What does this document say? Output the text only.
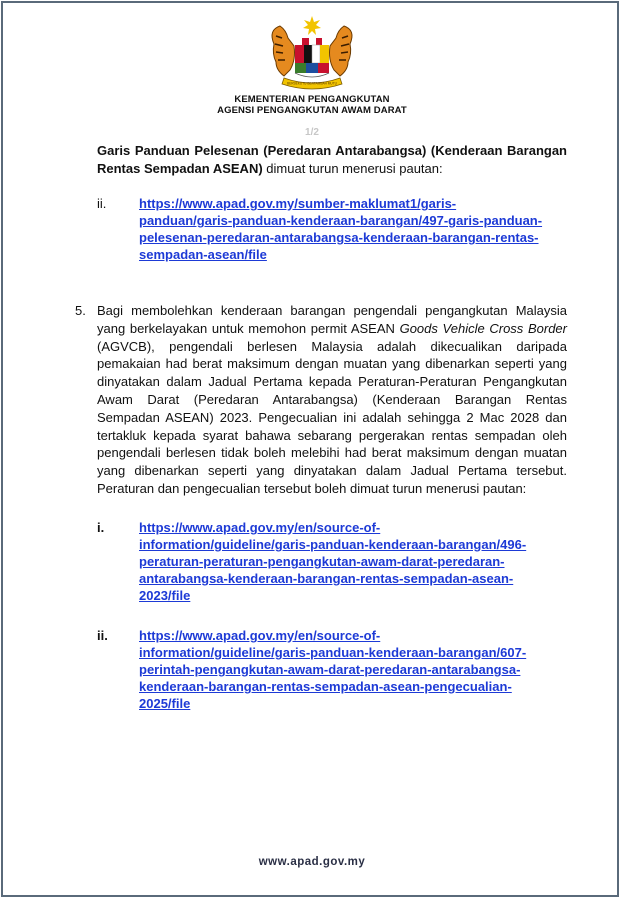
BERSEKUTU BERTAMBAH MUTU
KEMENTERIAN PENGANGKUTAN
AGENSI PENGANGKUTAN AWAM DARAT
1/2
Garis Panduan Pelesenan (Peredaran Antarabangsa) (Kenderaan Barangan Rentas Sempadan ASEAN) dimuat turun menerusi pautan:
ii.	https://www.apad.gov.my/sumber-maklumat1/garis-
panduan/garis-panduan-kenderaan-barangan/497-garis-panduan-
pelesenan-peredaran-antarabangsa-kenderaan-barangan-rentas-
sempadan-asean/file
5. Bagi membolehkan kenderaan barangan pengendali pengangkutan Malaysia yang berkelayakan untuk memohon permit ASEAN Goods Vehicle Cross Border (AGVCB), pengendali berlesen Malaysia adalah dikecualikan daripada pemakaian had berat maksimum dengan muatan yang dibenarkan seperti yang dinyatakan dalam Jadual Pertama kepada Peraturan-Peraturan Pengangkutan Awam Darat (Peredaran Antarabangsa) (Kenderaan Barangan Rentas Sempadan ASEAN) 2023. Pengecualian ini adalah sehingga 2 Mac 2028 dan tertakluk kepada syarat bahawa sebarang pergerakan rentas sempadan oleh pengendali berlesen tidak boleh melebihi had berat maksimum dengan muatan yang dibenarkan seperti yang dinyatakan dalam Jadual Pertama tersebut. Peraturan dan pengecualian tersebut boleh dimuat turun menerusi pautan:
i.	https://www.apad.gov.my/en/source-of-
information/guideline/garis-panduan-kenderaan-barangan/496-
peraturan-peraturan-pengangkutan-awam-darat-peredaran-
antarabangsa-kenderaan-barangan-rentas-sempadan-asean-
2023/file
ii. https://www.apad.gov.my/en/source-of-
information/guideline/garis-panduan-kenderaan-barangan/607-
perintah-pengangkutan-awam-darat-peredaran-antarabangsa-
kenderaan-barangan-rentas-sempadan-asean-pengecualian-
2025/file
www.apad.gov.my
